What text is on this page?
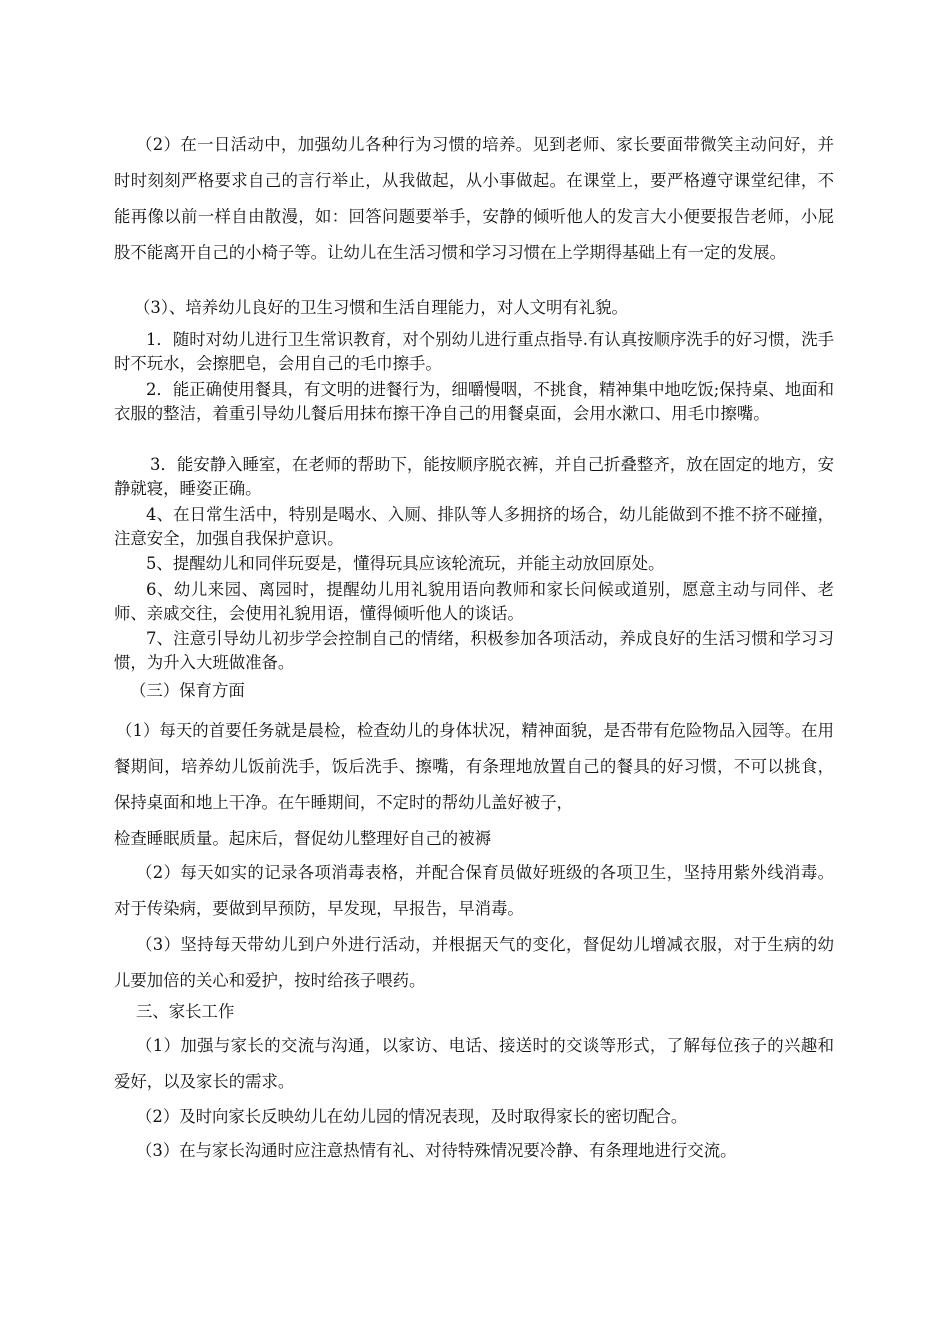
（2）在一日活动中，加强幼儿各种行为习惯的培养。见到老师、家长要面带微笑主动问好，并时时刻刻严格要求自己的言行举止，从我做起，从小事做起。在课堂上，要严格遵守课堂纪律，不能再像以前一样自由散漫，如：回答问题要举手，安静的倾听他人的发言大小便要报告老师，小屁股不能离开自己的小椅子等。让幼儿在生活习惯和学习习惯在上学期得基础上有一定的发展。

（3）、培养幼儿良好的卫生习惯和生活自理能力，对人文明有礼貌。

1．随时对幼儿进行卫生常识教育，对个别幼儿进行重点指导.有认真按顺序洗手的好习惯，洗手时不玩水，会擦肥皂，会用自己的毛巾擦手。

2．能正确使用餐具，有文明的进餐行为，细嚼慢咽，不挑食，精神集中地吃饭;保持桌、地面和衣服的整洁，着重引导幼儿餐后用抹布擦干净自己的用餐桌面，会用水漱口、用毛巾擦嘴。

3．能安静入睡室，在老师的帮助下，能按顺序脱衣裤，并自己折叠整齐，放在固定的地方，安静就寝，睡姿正确。

4、在日常生活中，特别是喝水、入厕、排队等人多拥挤的场合，幼儿能做到不推不挤不碰撞，注意安全，加强自我保护意识。

5、提醒幼儿和同伴玩耍是，懂得玩具应该轮流玩，并能主动放回原处。

6、幼儿来园、离园时，提醒幼儿用礼貌用语向教师和家长问候或道别，愿意主动与同伴、老师、亲戚交往，会使用礼貌用语，懂得倾听他人的谈话。

7、注意引导幼儿初步学会控制自己的情绪，积极参加各项活动，养成良好的生活习惯和学习习惯，为升入大班做准备。

（三）保育方面

（1）每天的首要任务就是晨检，检查幼儿的身体状况，精神面貌，是否带有危险物品入园等。在用餐期间，培养幼儿饭前洗手，饭后洗手、擦嘴，有条理地放置自己的餐具的好习惯，不可以挑食，保持桌面和地上干净。在午睡期间，不定时的帮幼儿盖好被子，

检查睡眠质量。起床后，督促幼儿整理好自己的被褥

（2）每天如实的记录各项消毒表格，并配合保育员做好班级的各项卫生，坚持用紫外线消毒。对于传染病，要做到早预防，早发现，早报告，早消毒。

（3）坚持每天带幼儿到户外进行活动，并根据天气的变化，督促幼儿增减衣服，对于生病的幼儿要加倍的关心和爱护，按时给孩子喂药。

三、家长工作

（1）加强与家长的交流与沟通，以家访、电话、接送时的交谈等形式，了解每位孩子的兴趣和爱好，以及家长的需求。

（2）及时向家长反映幼儿在幼儿园的情况表现，及时取得家长的密切配合。

（3）在与家长沟通时应注意热情有礼、对待特殊情况要冷静、有条理地进行交流。
